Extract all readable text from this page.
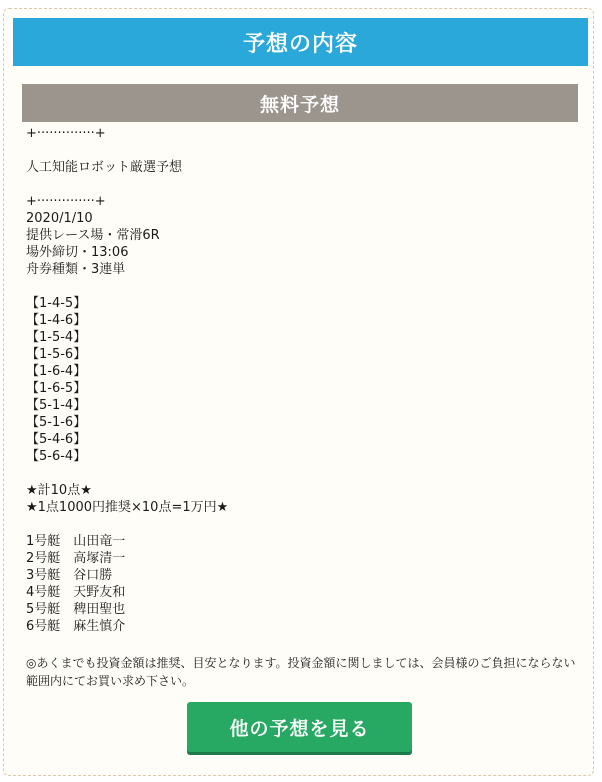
予想の内容
無料予想
+··············+
人工知能ロボット厳選予想
+··············+
2020/1/10
提供レース場・常滑6R
場外締切・13:06
舟券種類・3連単
【1-4-5】
【1-4-6】
【1-5-4】
【1-5-6】
【1-6-4】
【1-6-5】
【5-1-4】
【5-1-6】
【5-4-6】
【5-6-4】
★計10点★
★1点1000円推奨×10点=1万円★
1号艇　山田竜一
2号艇　高塚清一
3号艇　谷口勝
4号艇　天野友和
5号艇　稗田聖也
6号艇　麻生慎介
◎あくまでも投資金額は推奨、目安となります。投資金額に関しましては、会員様のご負担にならない範囲内にてお買い求め下さい。
他の予想を見る
